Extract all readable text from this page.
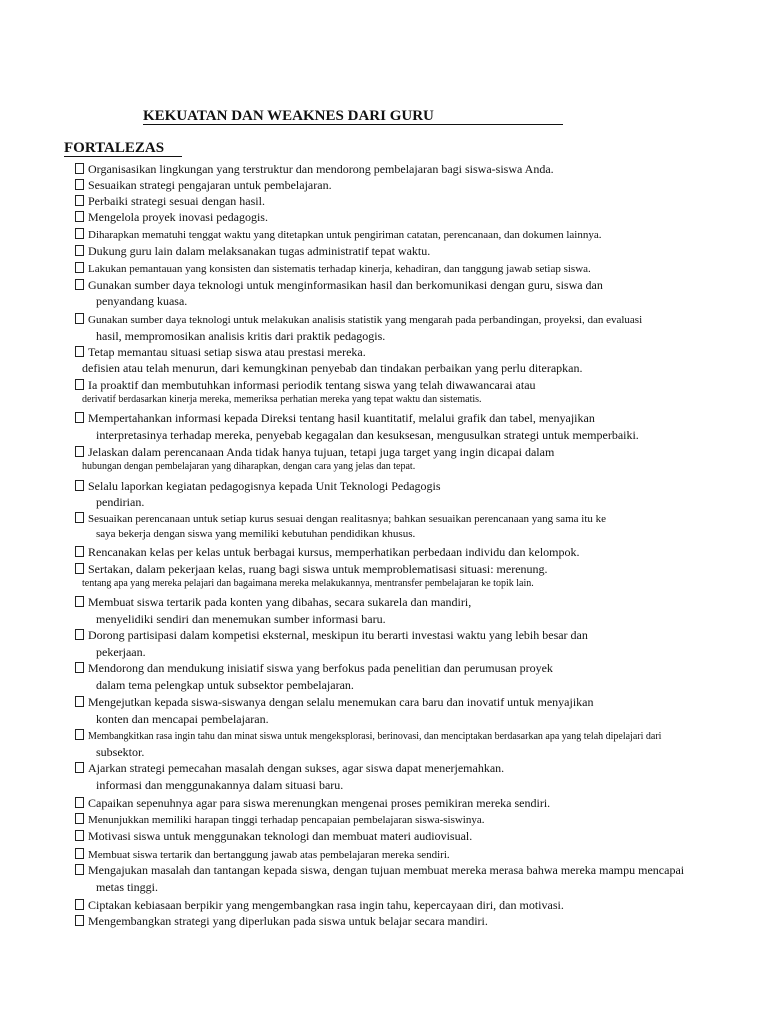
KEKUATAN DAN WEAKNES DARI GURU
FORTALEZAS
Organisasikan lingkungan yang terstruktur dan mendorong pembelajaran bagi siswa-siswa Anda.
Sesuaikan strategi pengajaran untuk pembelajaran.
Perbaiki strategi sesuai dengan hasil.
Mengelola proyek inovasi pedagogis.
Diharapkan mematuhi tenggat waktu yang ditetapkan untuk pengiriman catatan, perencanaan, dan dokumen lainnya.
Dukung guru lain dalam melaksanakan tugas administratif tepat waktu.
Lakukan pemantauan yang konsisten dan sistematis terhadap kinerja, kehadiran, dan tanggung jawab setiap siswa.
Gunakan sumber daya teknologi untuk menginformasikan hasil dan berkomunikasi dengan guru, siswa dan
penyandang kuasa.
Gunakan sumber daya teknologi untuk melakukan analisis statistik yang mengarah pada perbandingan, proyeksi, dan evaluasi
hasil, mempromosikan analisis kritis dari praktik pedagogis.
Tetap memantau situasi setiap siswa atau prestasi mereka.
defisien atau telah menurun, dari kemungkinan penyebab dan tindakan perbaikan yang perlu diterapkan.
Ia proaktif dan membutuhkan informasi periodik tentang siswa yang telah diwawancarai atau
derivatif berdasarkan kinerja mereka, memeriksa perhatian mereka yang tepat waktu dan sistematis.
Mempertahankan informasi kepada Direksi tentang hasil kuantitatif, melalui grafik dan tabel, menyajikan
interpretasinya terhadap mereka, penyebab kegagalan dan kesuksesan, mengusulkan strategi untuk memperbaiki.
Jelaskan dalam perencanaan Anda tidak hanya tujuan, tetapi juga target yang ingin dicapai dalam
hubungan dengan pembelajaran yang diharapkan, dengan cara yang jelas dan tepat.
Selalu laporkan kegiatan pedagogisnya kepada Unit Teknologi Pedagogis
pendirian.
Sesuaikan perencanaan untuk setiap kurus sesuai dengan realitasnya; bahkan sesuaikan perencanaan yang sama itu ke
saya bekerja dengan siswa yang memiliki kebutuhan pendidikan khusus.
Rencanakan kelas per kelas untuk berbagai kursus, memperhatikan perbedaan individu dan kelompok.
Sertakan, dalam pekerjaan kelas, ruang bagi siswa untuk memproblematisasi situasi: merenung.
tentang apa yang mereka pelajari dan bagaimana mereka melakukannya, mentransfer pembelajaran ke topik lain.
Membuat siswa tertarik pada konten yang dibahas, secara sukarela dan mandiri,
menyelidiki sendiri dan menemukan sumber informasi baru.
Dorong partisipasi dalam kompetisi eksternal, meskipun itu berarti investasi waktu yang lebih besar dan
pekerjaan.
Mendorong dan mendukung inisiatif siswa yang berfokus pada penelitian dan perumusan proyek
dalam tema pelengkap untuk subsektor pembelajaran.
Mengejutkan kepada siswa-siswanya dengan selalu menemukan cara baru dan inovatif untuk menyajikan
konten dan mencapai pembelajaran.
Membangkitkan rasa ingin tahu dan minat siswa untuk mengeksplorasi, berinovasi, dan menciptakan berdasarkan apa yang telah dipelajari dari
subsektor.
Ajarkan strategi pemecahan masalah dengan sukses, agar siswa dapat menerjemahkan.
informasi dan menggunakannya dalam situasi baru.
Capaikan sepenuhnya agar para siswa merenungkan mengenai proses pemikiran mereka sendiri.
Menunjukkan memiliki harapan tinggi terhadap pencapaian pembelajaran siswa-siswinya.
Motivasi siswa untuk menggunakan teknologi dan membuat materi audiovisual.
Membuat siswa tertarik dan bertanggung jawab atas pembelajaran mereka sendiri.
Mengajukan masalah dan tantangan kepada siswa, dengan tujuan membuat mereka merasa bahwa mereka mampu mencapai
metas tinggi.
Ciptakan kebiasaan berpikir yang mengembangkan rasa ingin tahu, kepercayaan diri, dan motivasi.
Mengembangkan strategi yang diperlukan pada siswa untuk belajar secara mandiri.
